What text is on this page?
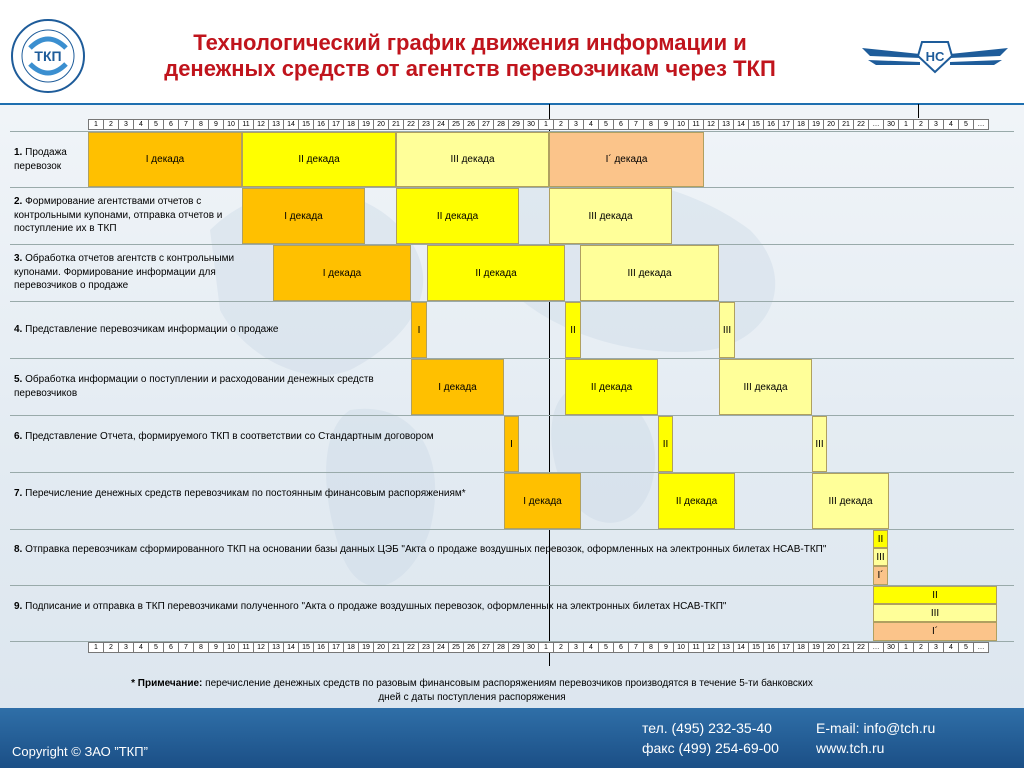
ТКП
Технологический график движения информации и
денежных средств от агентств перевозчикам через ТКП	НС
1	2	3	4	5	6	7	8	9	10	11	12	13	14	15	16	17	18	19	20	21	22	23	24	25	26	27	28	29	30	1	2	3	4	5	6	7	8	9	10	11	12	13	14	15	16	17	18	19	20	21	22	…	30	1	2	3	4	5	…
1	2	3	4	5	6	7	8	9	10	11	12	13	14	15	16	17	18	19	20	21	22	23	24	25	26	27	28	29	30	1	2	3	4	5	6	7	8	9	10	11	12	13	14	15	16	17	18	19	20	21	22	…	30	1	2	3	4	5	…
1. Продажа перевозок
I декада	II декада	III декада	I´ декада
2. Формирование агентствами отчетов с контрольными купонами, отправка отчетов и поступление их в ТКП
I декада	II декада	III декада
3. Обработка отчетов агентств с контрольными купонами. Формирование информации для перевозчиков о продаже
I декада	II декада	III декада
4. Представление перевозчикам информации о продаже	I	II	III
5. Обработка информации о поступлении и расходовании денежных средств перевозчиков
I декада	II декада	III декада
6. Представление Отчета, формируемого ТКП в соответствии со Стандартным договором
I	II	III
7. Перечисление денежных средств перевозчикам по постоянным финансовым распоряжениям*
I декада	II декада	III декада
8. Отправка перевозчикам сформированного ТКП на основании базы данных ЦЭБ "Акта о продаже воздушных перевозок, оформленных на электронных билетах НСАВ-ТКП"
II
III
I´
9. Подписание и отправка в ТКП перевозчиками полученного "Акта о продаже воздушных перевозок, оформленных на электронных билетах НСАВ-ТКП"
II
III
I´
* Примечание: перечисление денежных средств по разовым финансовым распоряжениям перевозчиков производятся в течение 5-ти банковских
дней с даты поступления распоряжения
Copyright © ЗАО ”ТКП”
тел. (495) 232-35-40
факс (499) 254-69-00
E-mail: info@tch.ru
www.tch.ru
